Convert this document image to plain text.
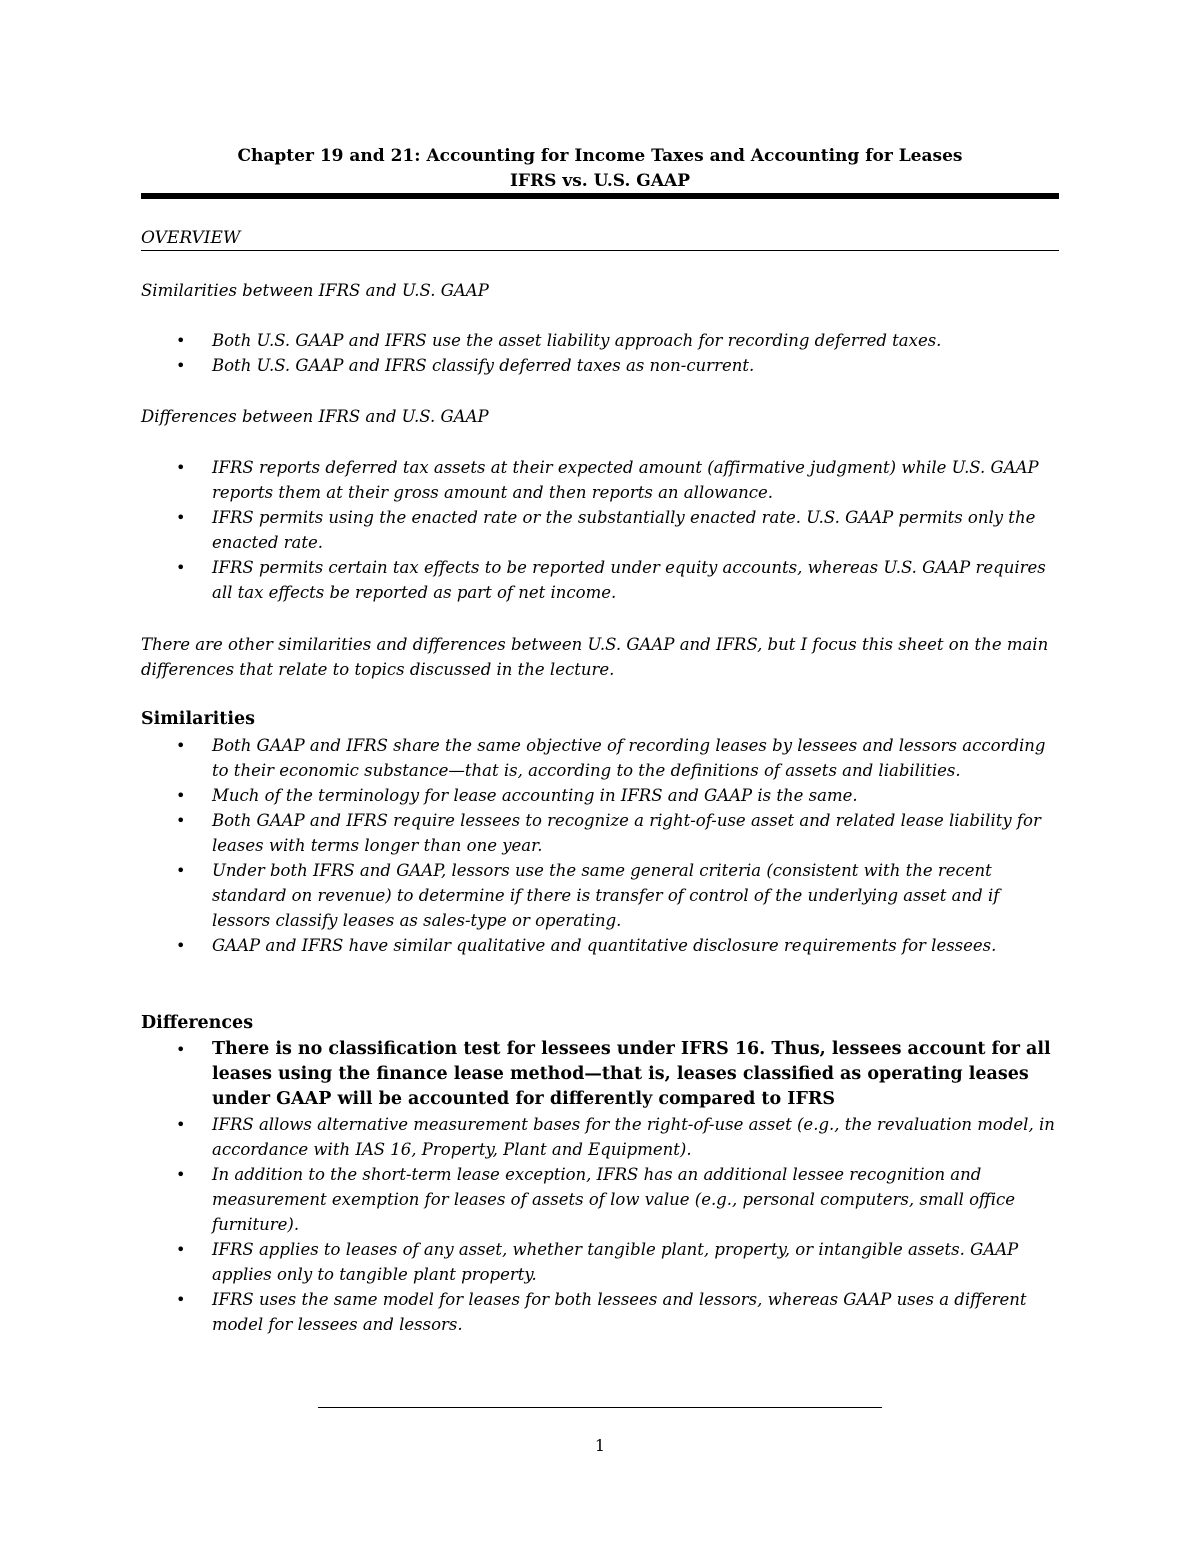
Chapter 19 and 21: Accounting for Income Taxes and Accounting for Leases
IFRS vs. U.S. GAAP
OVERVIEW
Similarities between IFRS and U.S. GAAP
• Both U.S. GAAP and IFRS use the asset liability approach for recording deferred taxes.
• Both U.S. GAAP and IFRS classify deferred taxes as non-current.
Differences between IFRS and U.S. GAAP
• IFRS reports deferred tax assets at their expected amount (affirmative judgment) while U.S. GAAP reports them at their gross amount and then reports an allowance.
• IFRS permits using the enacted rate or the substantially enacted rate. U.S. GAAP permits only the enacted rate.
• IFRS permits certain tax effects to be reported under equity accounts, whereas U.S. GAAP requires all tax effects be reported as part of net income.
There are other similarities and differences between U.S. GAAP and IFRS, but I focus this sheet on the main differences that relate to topics discussed in the lecture.
Similarities
• Both GAAP and IFRS share the same objective of recording leases by lessees and lessors according to their economic substance—that is, according to the definitions of assets and liabilities.
• Much of the terminology for lease accounting in IFRS and GAAP is the same.
• Both GAAP and IFRS require lessees to recognize a right-of-use asset and related lease liability for leases with terms longer than one year.
• Under both IFRS and GAAP, lessors use the same general criteria (consistent with the recent standard on revenue) to determine if there is transfer of control of the underlying asset and if lessors classify leases as sales-type or operating.
• GAAP and IFRS have similar qualitative and quantitative disclosure requirements for lessees.
Differences
• There is no classification test for lessees under IFRS 16. Thus, lessees account for all leases using the finance lease method—that is, leases classified as operating leases under GAAP will be accounted for differently compared to IFRS
• IFRS allows alternative measurement bases for the right-of-use asset (e.g., the revaluation model, in accordance with IAS 16, Property, Plant and Equipment).
• In addition to the short-term lease exception, IFRS has an additional lessee recognition and measurement exemption for leases of assets of low value (e.g., personal computers, small office furniture).
• IFRS applies to leases of any asset, whether tangible plant, property, or intangible assets. GAAP applies only to tangible plant property.
• IFRS uses the same model for leases for both lessees and lessors, whereas GAAP uses a different model for lessees and lessors.
1
